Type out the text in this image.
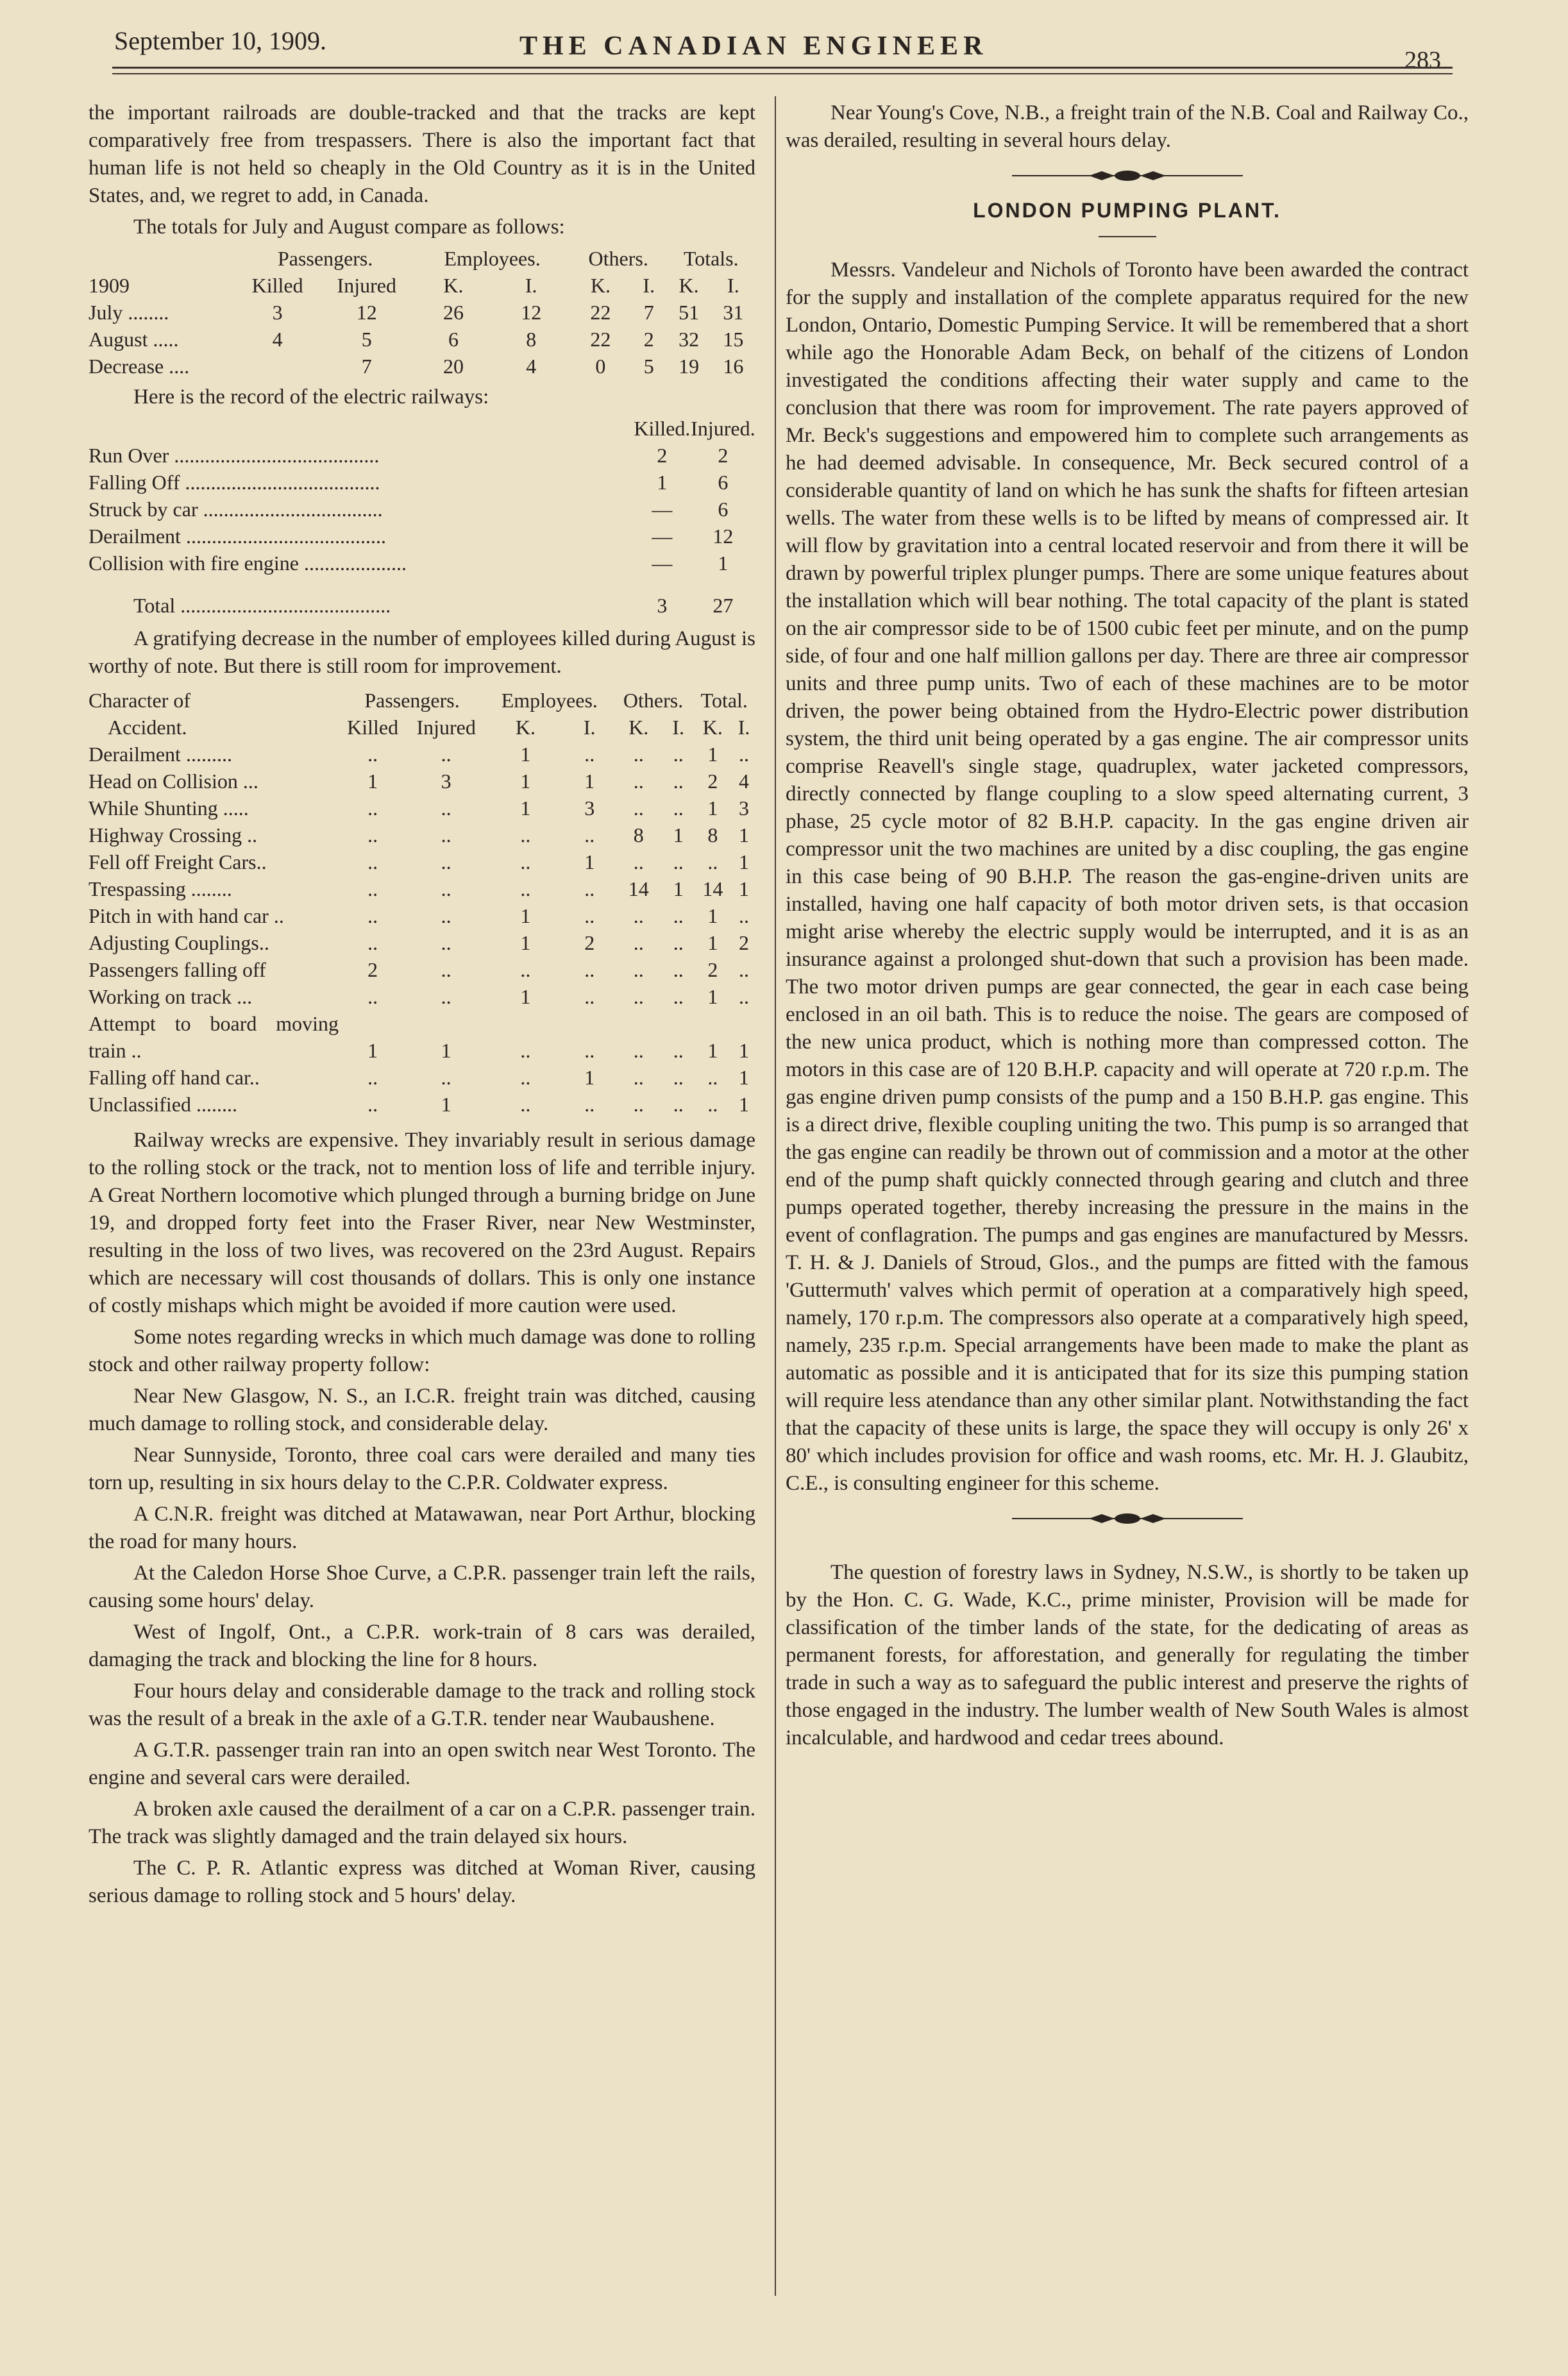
September 10, 1909.	THE CANADIAN ENGINEER	283

the important railroads are double-tracked and that the tracks are kept comparatively free from trespassers. There is also the important fact that human life is not held so cheaply in the Old Country as it is in the United States, and, we regret to add, in Canada.

The totals for July and August compare as follows:

	Passengers.		Employees.		Others.		Totals.	
1909	Killed	Injured	K.	I.	K.	I.	K.	I.
July ........	3	12	26	12	22	7	51	31
August .....	4	5	6	8	22	2	32	15
Decrease ....		7	20	4	0	5	19	16

Here is the record of the electric railways:

	Killed.	Injured.
Run Over ........................................	2	2
Falling Off ......................................	1	6
Struck by car ...................................	—	6
Derailment .......................................	—	12
Collision with fire engine ....................	—	1

Total .........................................	3	27

A gratifying decrease in the number of employees killed during August is worthy of note. But there is still room for improvement.

Character of	Passengers.		Employees.		Others.		Total.	
Accident.	Killed	Injured	K.	I.	K.	I.	K.	I.
Derailment .........	..	..	1	..	..	..	1	..
Head on Collision ...	1	3	1	1	..	..	2	4
While Shunting .....	..	..	1	3	..	..	1	3
Highway Crossing ..	..	..	..	..	8	1	8	1
Fell off Freight Cars..	..	..	..	1	..	..	..	1
Trespassing ........	..	..	..	..	14	1	14	1
Pitch in with hand car ..	..	..	1	..	..	..	1	..
Adjusting Couplings..	..	..	1	2	..	..	1	2
Passengers falling off	2	..	..	..	..	..	2	..
Working on track ...	..	..	1	..	..	..	1	..
Attempt to board moving train ..	1	1	..	..	..	..	1	1
Falling off hand car..	..	..	..	1	..	..	..	1
Unclassified ........	..	1	..	..	..	..	..	1

Railway wrecks are expensive. They invariably result in serious damage to the rolling stock or the track, not to mention loss of life and terrible injury. A Great Northern locomotive which plunged through a burning bridge on June 19, and dropped forty feet into the Fraser River, near New Westminster, resulting in the loss of two lives, was recovered on the 23rd August. Repairs which are necessary will cost thousands of dollars. This is only one instance of costly mishaps which might be avoided if more caution were used.

Some notes regarding wrecks in which much damage was done to rolling stock and other railway property follow:

Near New Glasgow, N. S., an I.C.R. freight train was ditched, causing much damage to rolling stock, and considerable delay.

Near Sunnyside, Toronto, three coal cars were derailed and many ties torn up, resulting in six hours delay to the C.P.R. Coldwater express.

A C.N.R. freight was ditched at Matawawan, near Port Arthur, blocking the road for many hours.

At the Caledon Horse Shoe Curve, a C.P.R. passenger train left the rails, causing some hours' delay.

West of Ingolf, Ont., a C.P.R. work-train of 8 cars was derailed, damaging the track and blocking the line for 8 hours.

Four hours delay and considerable damage to the track and rolling stock was the result of a break in the axle of a G.T.R. tender near Waubaushene.

A G.T.R. passenger train ran into an open switch near West Toronto. The engine and several cars were derailed.

A broken axle caused the derailment of a car on a C.P.R. passenger train. The track was slightly damaged and the train delayed six hours.

The C. P. R. Atlantic express was ditched at Woman River, causing serious damage to rolling stock and 5 hours' delay.

Near Young's Cove, N.B., a freight train of the N.B. Coal and Railway Co., was derailed, resulting in several hours delay.

LONDON PUMPING PLANT.

Messrs. Vandeleur and Nichols of Toronto have been awarded the contract for the supply and installation of the complete apparatus required for the new London, Ontario, Domestic Pumping Service. It will be remembered that a short while ago the Honorable Adam Beck, on behalf of the citizens of London investigated the conditions affecting their water supply and came to the conclusion that there was room for improvement. The rate payers approved of Mr. Beck's suggestions and empowered him to complete such arrangements as he had deemed advisable. In consequence, Mr. Beck secured control of a considerable quantity of land on which he has sunk the shafts for fifteen artesian wells. The water from these wells is to be lifted by means of compressed air. It will flow by gravitation into a central located reservoir and from there it will be drawn by powerful triplex plunger pumps. There are some unique features about the installation which will bear nothing. The total capacity of the plant is stated on the air compressor side to be of 1500 cubic feet per minute, and on the pump side, of four and one half million gallons per day. There are three air compressor units and three pump units. Two of each of these machines are to be motor driven, the power being obtained from the Hydro-Electric power distribution system, the third unit being operated by a gas engine. The air compressor units comprise Reavell's single stage, quadruplex, water jacketed compressors, directly connected by flange coupling to a slow speed alternating current, 3 phase, 25 cycle motor of 82 B.H.P. capacity. In the gas engine driven air compressor unit the two machines are united by a disc coupling, the gas engine in this case being of 90 B.H.P. The reason the gas-engine-driven units are installed, having one half capacity of both motor driven sets, is that occasion might arise whereby the electric supply would be interrupted, and it is as an insurance against a prolonged shut-down that such a provision has been made. The two motor driven pumps are gear connected, the gear in each case being enclosed in an oil bath. This is to reduce the noise. The gears are composed of the new unica product, which is nothing more than compressed cotton. The motors in this case are of 120 B.H.P. capacity and will operate at 720 r.p.m. The gas engine driven pump consists of the pump and a 150 B.H.P. gas engine. This is a direct drive, flexible coupling uniting the two. This pump is so arranged that the gas engine can readily be thrown out of commission and a motor at the other end of the pump shaft quickly connected through gearing and clutch and three pumps operated together, thereby increasing the pressure in the mains in the event of conflagration. The pumps and gas engines are manufactured by Messrs. T. H. & J. Daniels of Stroud, Glos., and the pumps are fitted with the famous 'Guttermuth' valves which permit of operation at a comparatively high speed, namely, 170 r.p.m. The compressors also operate at a comparatively high speed, namely, 235 r.p.m. Special arrangements have been made to make the plant as automatic as possible and it is anticipated that for its size this pumping station will require less atendance than any other similar plant. Notwithstanding the fact that the capacity of these units is large, the space they will occupy is only 26' x 80' which includes provision for office and wash rooms, etc. Mr. H. J. Glaubitz, C.E., is consulting engineer for this scheme.

The question of forestry laws in Sydney, N.S.W., is shortly to be taken up by the Hon. C. G. Wade, K.C., prime minister, Provision will be made for classification of the timber lands of the state, for the dedicating of areas as permanent forests, for afforestation, and generally for regulating the timber trade in such a way as to safeguard the public interest and preserve the rights of those engaged in the industry. The lumber wealth of New South Wales is almost incalculable, and hardwood and cedar trees abound.
